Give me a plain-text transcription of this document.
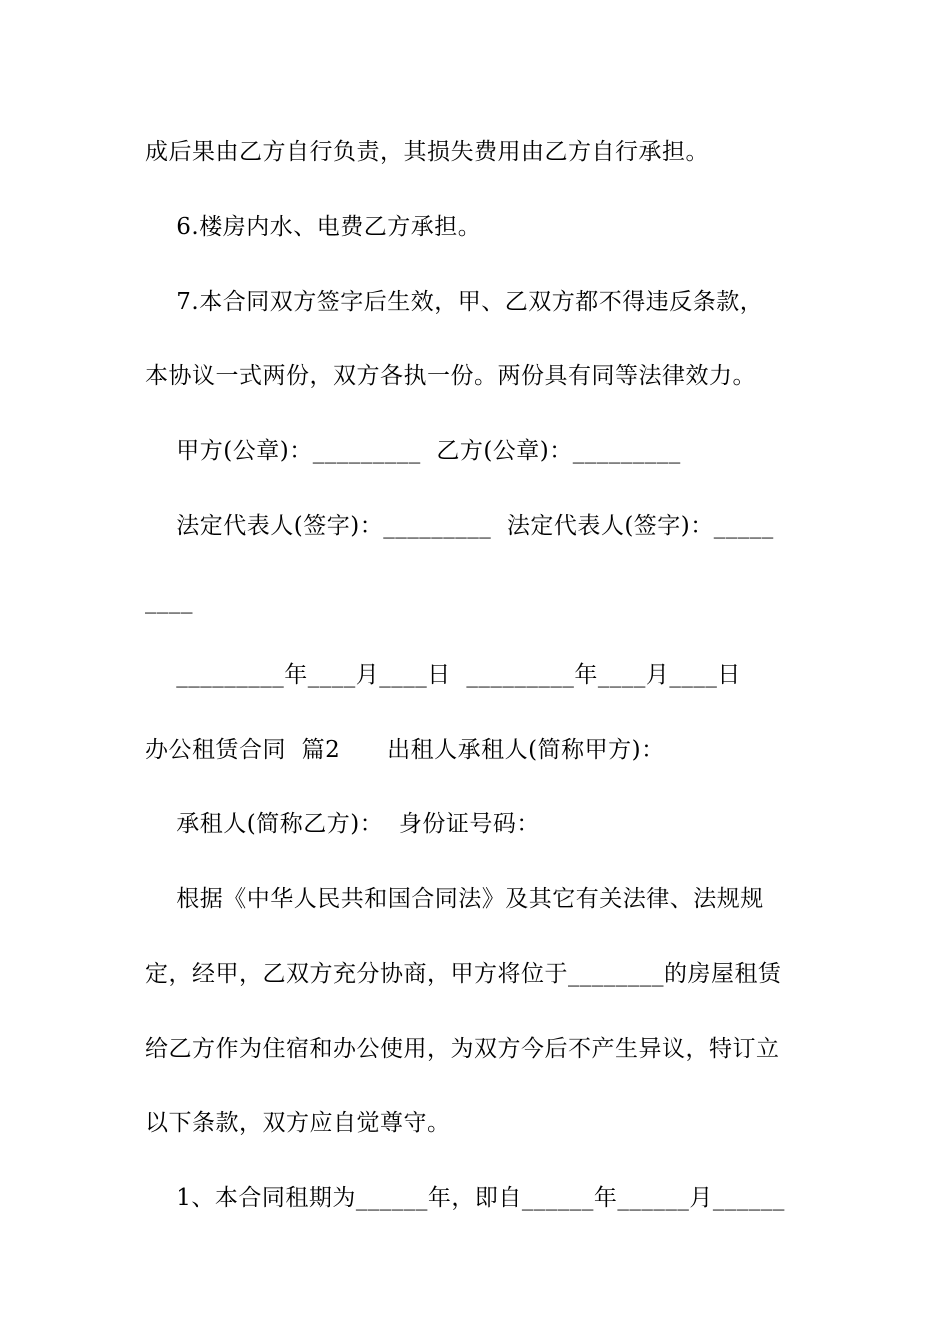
成后果由乙方自行负责，其损失费用由乙方自行承担。
6.楼房内水、电费乙方承担。
7.本合同双方签字后生效，甲、乙双方都不得违反条款，
本协议一式两份，双方各执一份。两份具有同等法律效力。
甲方(公章)：_________  乙方(公章)：_________
法定代表人(签字)：_________  法定代表人(签字)：_____
____
_________年____月____日  _________年____月____日
办公租赁合同  篇2      出租人承租人(简称甲方)：
承租人(简称乙方)：  身份证号码：
根据《中华人民共和国合同法》及其它有关法律、法规规
定，经甲，乙双方充分协商，甲方将位于________的房屋租赁
给乙方作为住宿和办公使用，为双方今后不产生异议，特订立
以下条款，双方应自觉尊守。
1、本合同租期为______年，即自______年______月______
